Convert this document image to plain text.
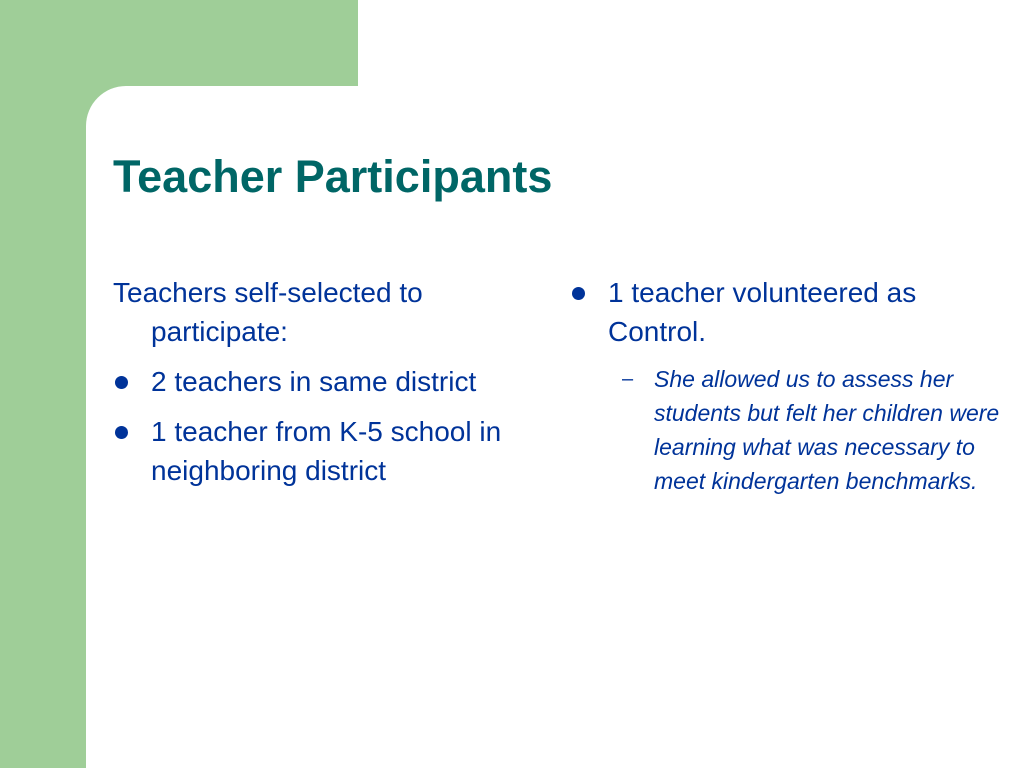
Teacher Participants

Teachers self-selected to participate:

2 teachers in same district
1 teacher from K-5 school in neighboring district
1 teacher volunteered as Control.
– She allowed us to assess her students but felt her children were learning what was necessary to meet kindergarten benchmarks.
